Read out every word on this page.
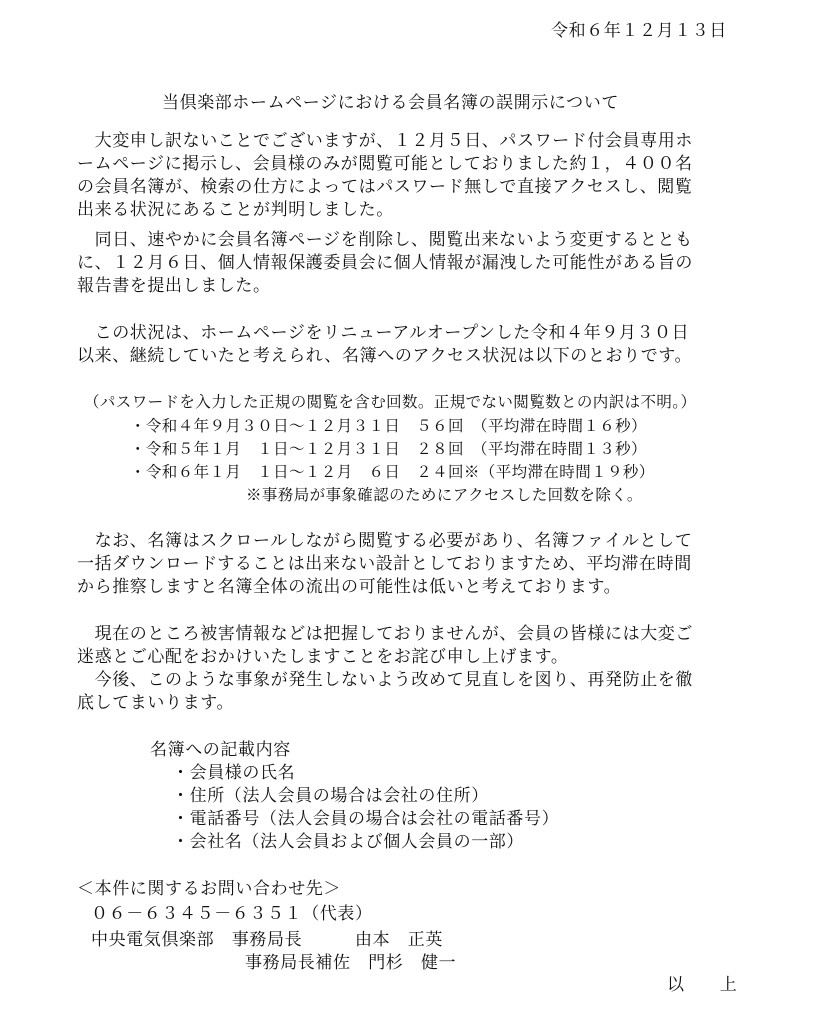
令和６年１２月１３日
当倶楽部ホームページにおける会員名簿の誤開示について
　大変申し訳ないことでございますが、１２月５日、パスワード付会員専用ホ
ームページに掲示し、会員様のみが閲覧可能としておりました約１，４００名
の会員名簿が、検索の仕方によってはパスワード無しで直接アクセスし、閲覧
出来る状況にあることが判明しました。
　同日、速やかに会員名簿ページを削除し、閲覧出来ないよう変更するととも
に、１２月６日、個人情報保護委員会に個人情報が漏洩した可能性がある旨の
報告書を提出しました。
　この状況は、ホームページをリニューアルオープンした令和４年９月３０日
以来、継続していたと考えられ、名簿へのアクセス状況は以下のとおりです。
（パスワードを入力した正規の閲覧を含む回数。正規でない閲覧数との内訳は不明。）
・令和４年９月３０日～１２月３１日　５６回　（平均滞在時間１６秒）
・令和５年１月　１日～１２月３１日　２８回　（平均滞在時間１３秒）
・令和６年１月　１日～１２月　６日　２４回※（平均滞在時間１９秒）
※事務局が事象確認のためにアクセスした回数を除く。
　なお、名簿はスクロールしながら閲覧する必要があり、名簿ファイルとして
一括ダウンロードすることは出来ない設計としておりますため、平均滞在時間
から推察しますと名簿全体の流出の可能性は低いと考えております。
　現在のところ被害情報などは把握しておりませんが、会員の皆様には大変ご
迷惑とご心配をおかけいたしますことをお詫び申し上げます。
　今後、このような事象が発生しないよう改めて見直しを図り、再発防止を徹
底してまいります。
名簿への記載内容
・会員様の氏名
・住所（法人会員の場合は会社の住所）
・電話番号（法人会員の場合は会社の電話番号）
・会社名（法人会員および個人会員の一部）
＜本件に関するお問い合わせ先＞
０６－６３４５－６３５１（代表）
中央電気倶楽部　事務局長　　　由本　正英
事務局長補佐　門杉　健一
以　　上
